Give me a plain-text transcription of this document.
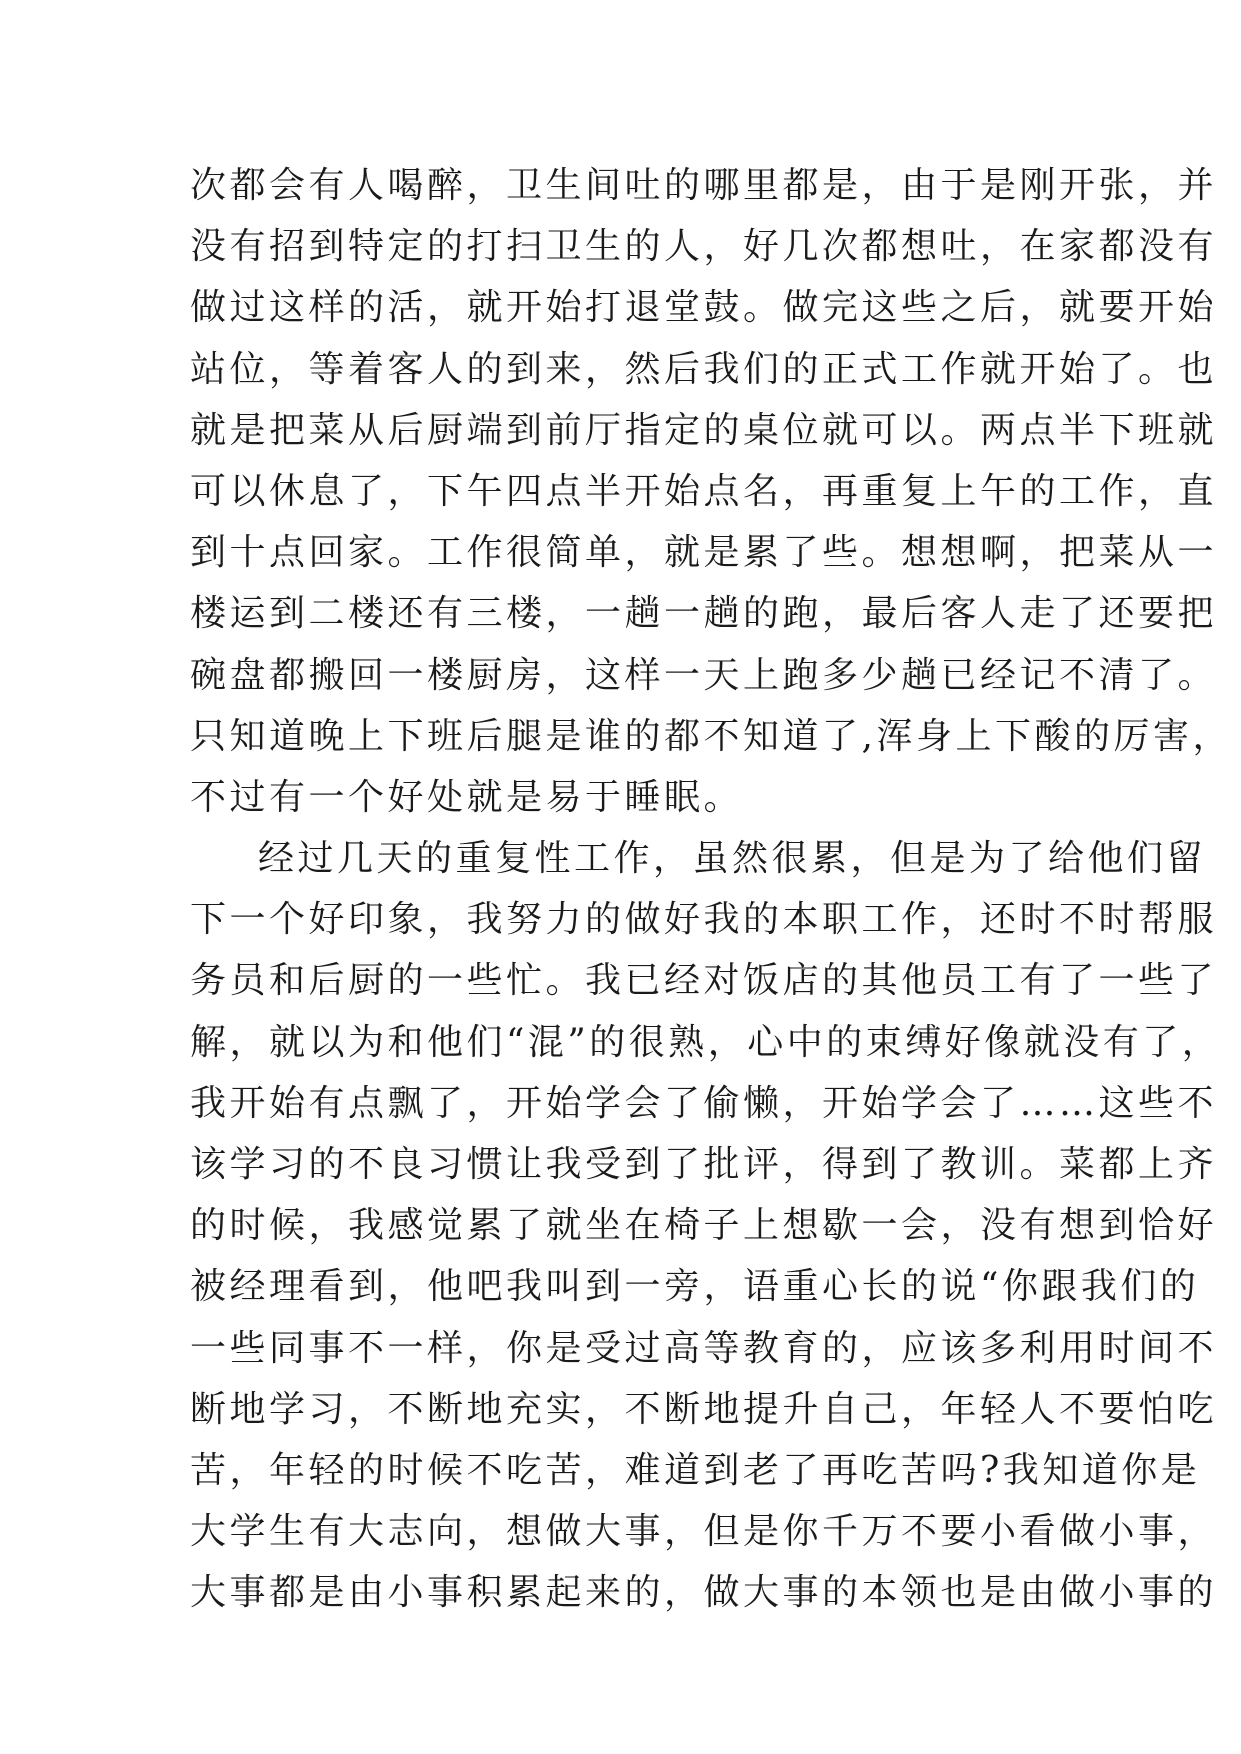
次都会有人喝醉，卫生间吐的哪里都是，由于是刚开张，并
没有招到特定的打扫卫生的人，好几次都想吐，在家都没有
做过这样的活，就开始打退堂鼓。做完这些之后，就要开始
站位，等着客人的到来，然后我们的正式工作就开始了。也
就是把菜从后厨端到前厅指定的桌位就可以。两点半下班就
可以休息了，下午四点半开始点名，再重复上午的工作，直
到十点回家。工作很简单，就是累了些。想想啊，把菜从一
楼运到二楼还有三楼，一趟一趟的跑，最后客人走了还要把
碗盘都搬回一楼厨房，这样一天上跑多少趟已经记不清了。
只知道晚上下班后腿是谁的都不知道了,浑身上下酸的厉害，
不过有一个好处就是易于睡眠。
经过几天的重复性工作，虽然很累，但是为了给他们留
下一个好印象，我努力的做好我的本职工作，还时不时帮服
务员和后厨的一些忙。我已经对饭店的其他员工有了一些了
解，就以为和他们“混”的很熟，心中的束缚好像就没有了，
我开始有点飘了，开始学会了偷懒，开始学会了……这些不
该学习的不良习惯让我受到了批评，得到了教训。菜都上齐
的时候，我感觉累了就坐在椅子上想歇一会，没有想到恰好
被经理看到，他吧我叫到一旁，语重心长的说“你跟我们的
一些同事不一样，你是受过高等教育的，应该多利用时间不
断地学习，不断地充实，不断地提升自己，年轻人不要怕吃
苦，年轻的时候不吃苦，难道到老了再吃苦吗?我知道你是
大学生有大志向，想做大事，但是你千万不要小看做小事，
大事都是由小事积累起来的，做大事的本领也是由做小事的
